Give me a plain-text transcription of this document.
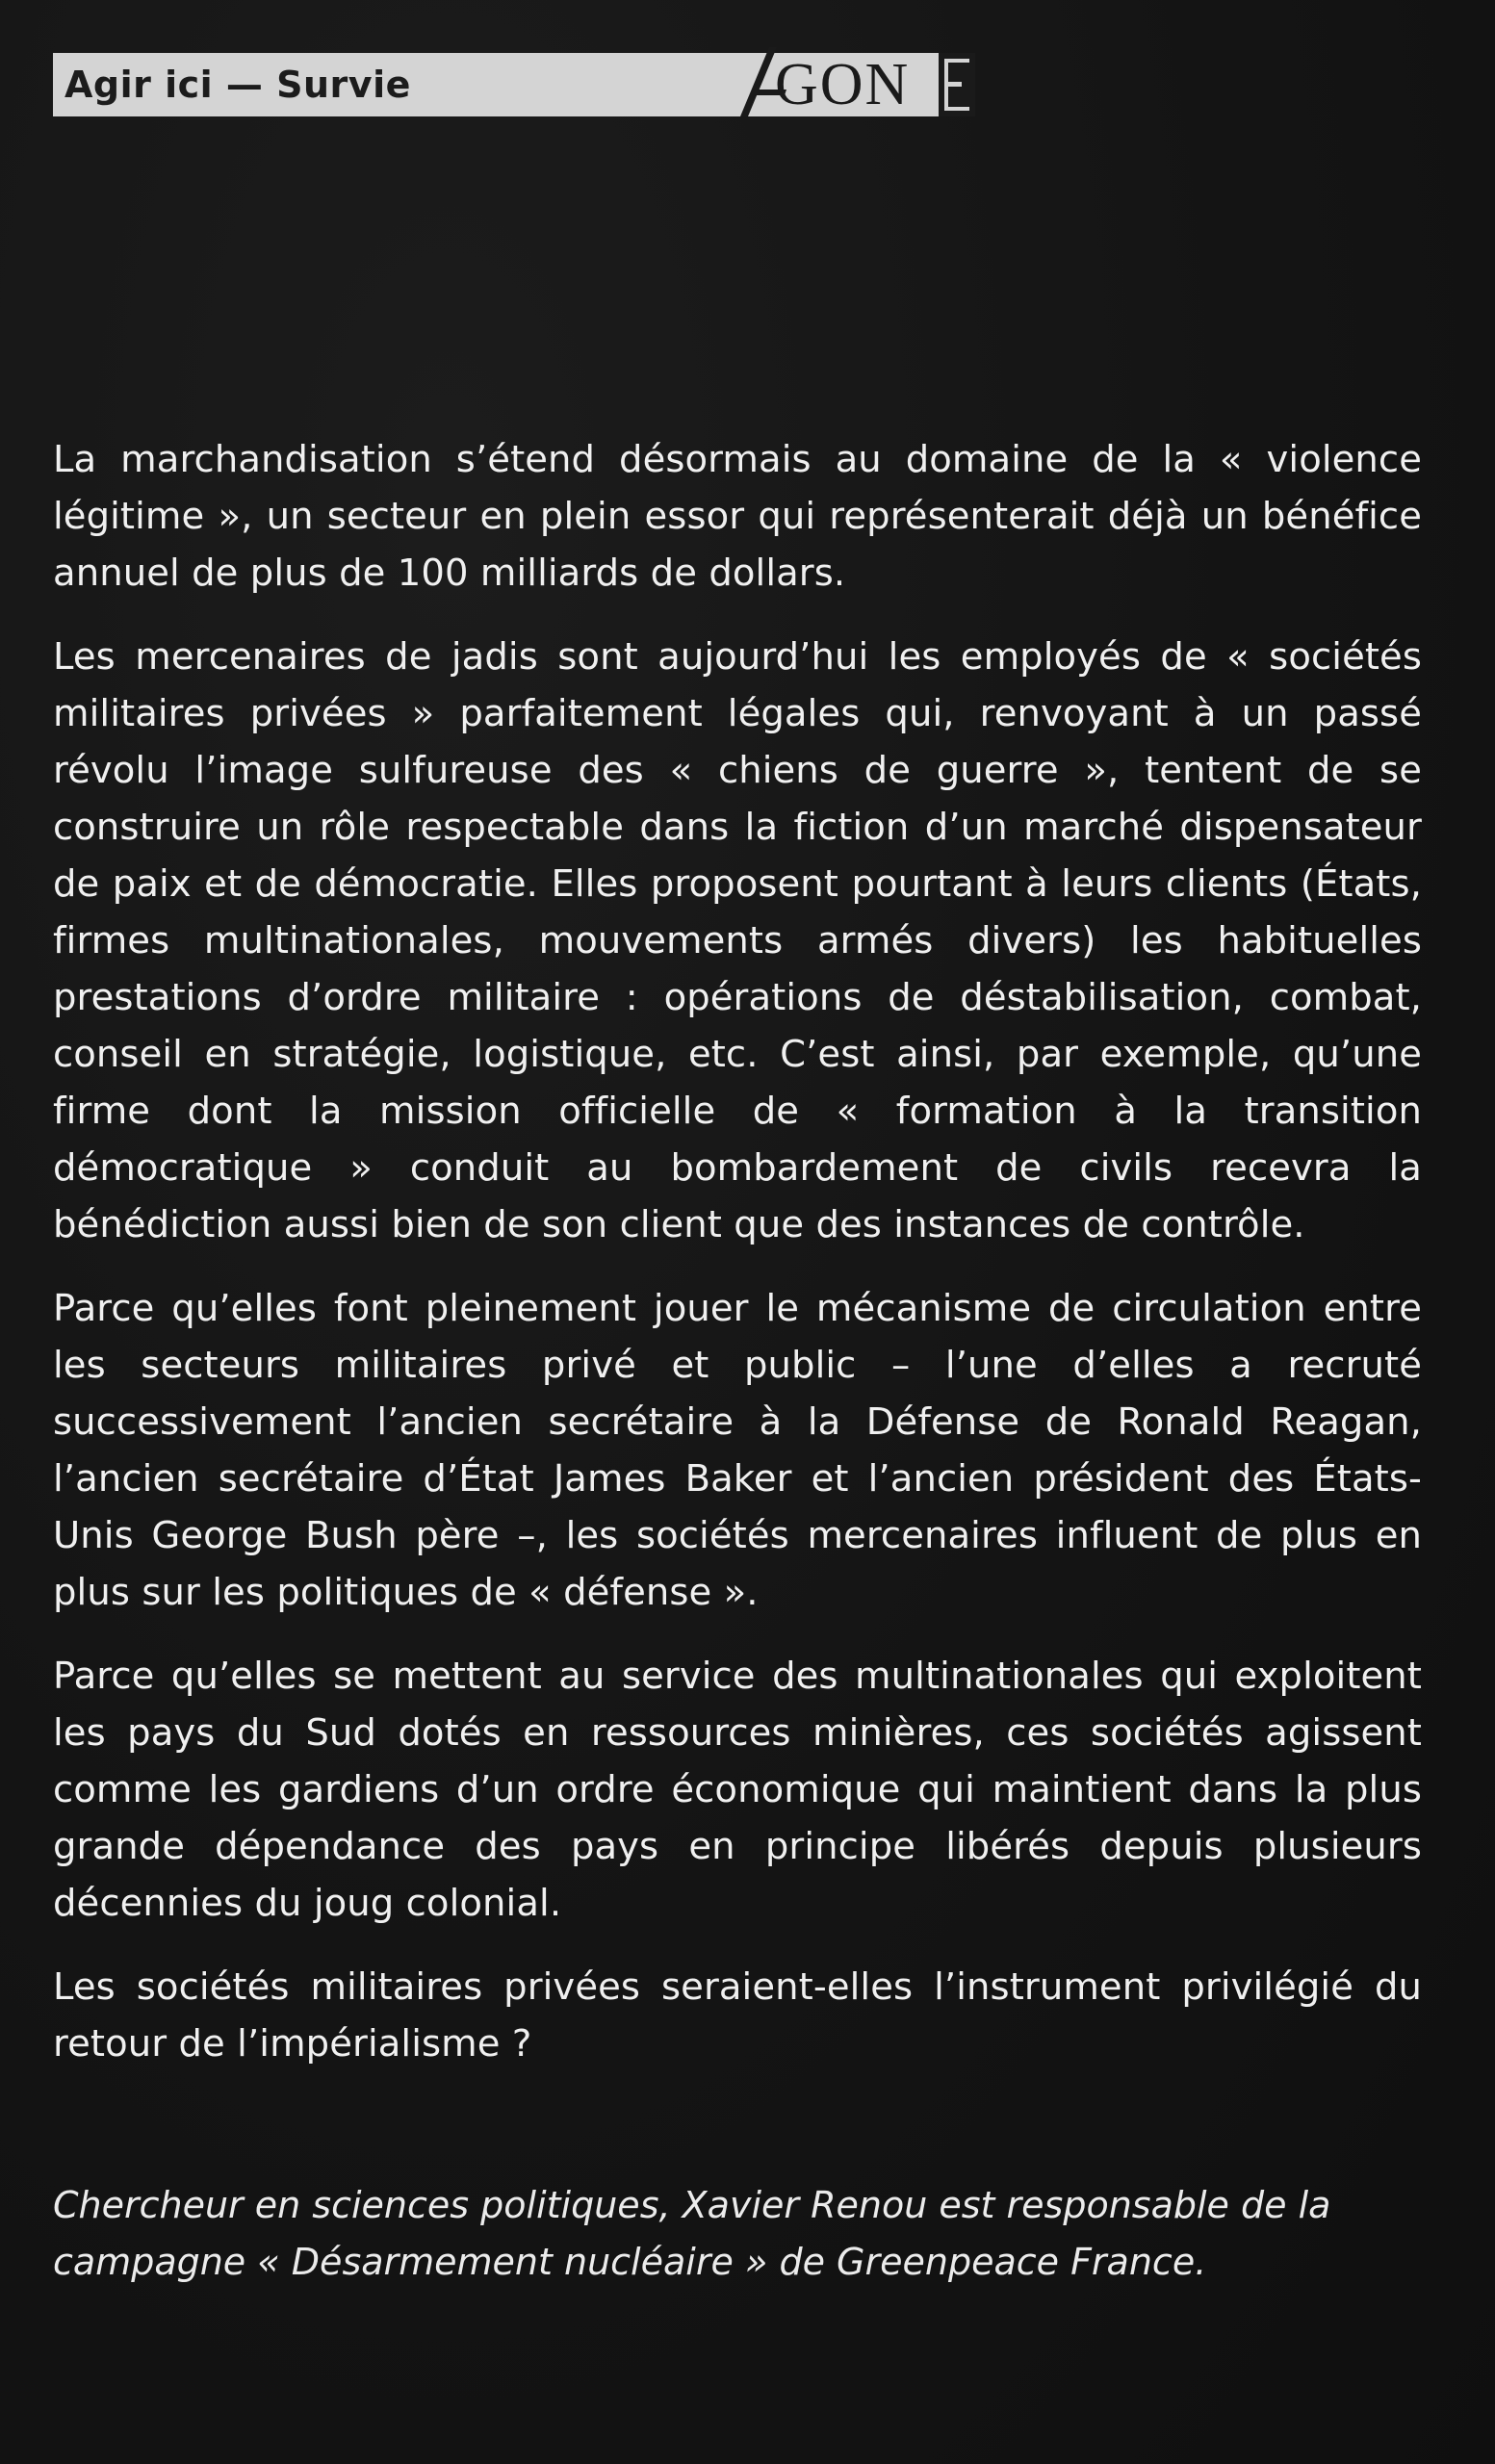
Agir ici — Survie	GON

La marchandisation s’étend désormais au domaine de la « violence légitime », un secteur en plein essor qui représenterait déjà un bénéfice annuel de plus de 100 milliards de dollars.

Les mercenaires de jadis sont aujourd’hui les employés de « sociétés militaires privées » parfaitement légales qui, renvoyant à un passé révolu l’image sulfureuse des « chiens de guerre », tentent de se construire un rôle respectable dans la fiction d’un marché dispensateur de paix et de démocratie. Elles proposent pourtant à leurs clients (États, firmes multinationales, mouvements armés divers) les habituelles prestations d’ordre militaire : opérations de déstabilisation, combat, conseil en stratégie, logistique, etc. C’est ainsi, par exemple, qu’une firme dont la mission officielle de « formation à la transition démocratique » conduit au bombardement de civils recevra la bénédiction aussi bien de son client que des instances de contrôle.

Parce qu’elles font pleinement jouer le mécanisme de circulation entre les secteurs militaires privé et public – l’une d’elles a recruté successivement l’ancien secrétaire à la Défense de Ronald Reagan, l’ancien secrétaire d’État James Baker et l’ancien président des États-Unis George Bush père –, les sociétés mercenaires influent de plus en plus sur les politiques de « défense ».

Parce qu’elles se mettent au service des multinationales qui exploitent les pays du Sud dotés en ressources minières, ces sociétés agissent comme les gardiens d’un ordre économique qui maintient dans la plus grande dépendance des pays en principe libérés depuis plusieurs décennies du joug colonial.

Les sociétés militaires privées seraient-elles l’instrument privilégié du retour de l’impérialisme ?

Chercheur en sciences politiques, Xavier Renou est responsable de la campagne « Désarmement nucléaire » de Greenpeace France.
